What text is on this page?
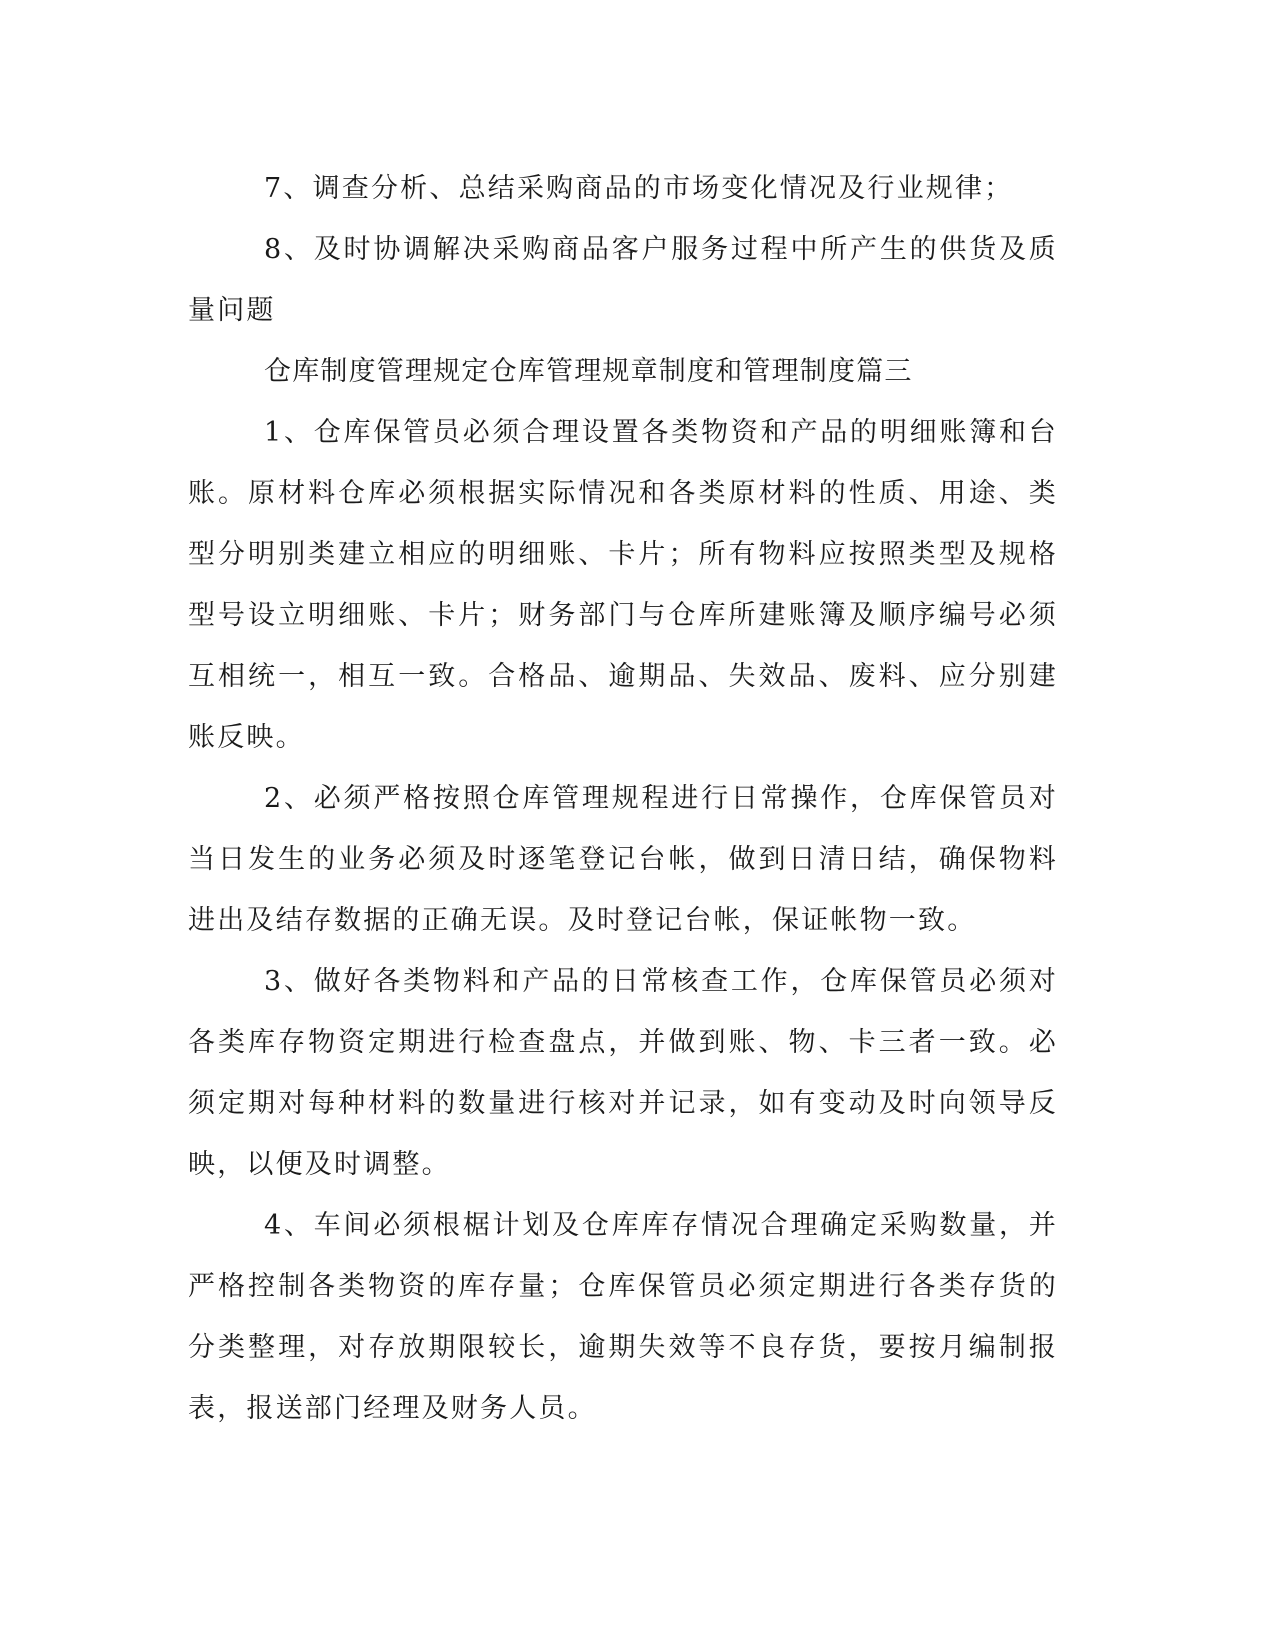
7、调查分析、总结采购商品的市场变化情况及行业规律；

8、及时协调解决采购商品客户服务过程中所产生的供货及质量问题

仓库制度管理规定仓库管理规章制度和管理制度篇三

1、仓库保管员必须合理设置各类物资和产品的明细账簿和台账。原材料仓库必须根据实际情况和各类原材料的性质、用途、类型分明别类建立相应的明细账、卡片；所有物料应按照类型及规格型号设立明细账、卡片；财务部门与仓库所建账簿及顺序编号必须互相统一，相互一致。合格品、逾期品、失效品、废料、应分别建账反映。

2、必须严格按照仓库管理规程进行日常操作，仓库保管员对当日发生的业务必须及时逐笔登记台帐，做到日清日结，确保物料进出及结存数据的正确无误。及时登记台帐，保证帐物一致。

3、做好各类物料和产品的日常核查工作，仓库保管员必须对各类库存物资定期进行检查盘点，并做到账、物、卡三者一致。必须定期对每种材料的数量进行核对并记录，如有变动及时向领导反映，以便及时调整。

4、车间必须根椐计划及仓库库存情况合理确定采购数量，并严格控制各类物资的库存量；仓库保管员必须定期进行各类存货的分类整理，对存放期限较长，逾期失效等不良存货，要按月编制报表，报送部门经理及财务人员。
